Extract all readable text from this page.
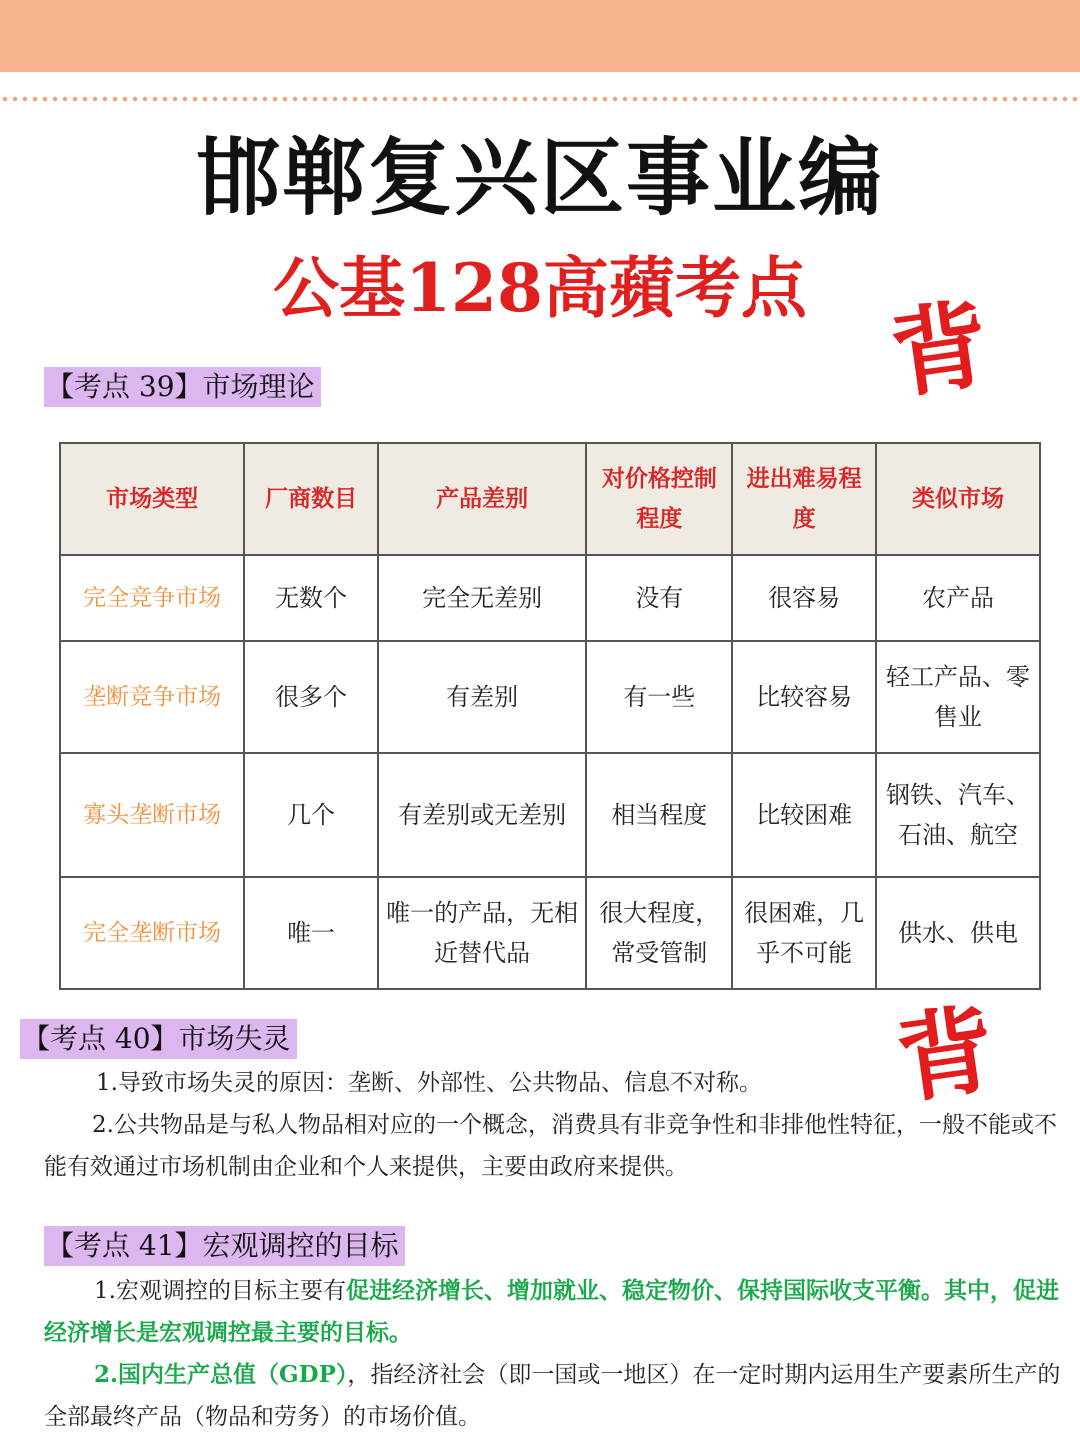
邯郸复兴区事业编
公基128高蘋考点 背
【考点 39】市场理论
市场类型	厂商数目	产品差别	对价格控制程度	进出难易程度	类似市场
完全竞争市场	无数个	完全无差别	没有	很容易	农产品
垄断竞争市场	很多个	有差别	有一些	比较容易	轻工产品、零售业
寡头垄断市场	几个	有差别或无差别	相当程度	比较困难	钢铁、汽车、石油、航空
完全垄断市场	唯一	唯一的产品，无相近替代品	很大程度，常受管制	很困难，几乎不可能	供水、供电
【考点 40】市场失灵	背
1.导致市场失灵的原因：垄断、外部性、公共物品、信息不对称。
2.公共物品是与私人物品相对应的一个概念，消费具有非竞争性和非排他性特征，一般不能或不能有效通过市场机制由企业和个人来提供，主要由政府来提供。
【考点 41】宏观调控的目标
1.宏观调控的目标主要有促进经济增长、增加就业、稳定物价、保持国际收支平衡。其中，促进经济增长是宏观调控最主要的目标。
2.国内生产总值（GDP），指经济社会（即一国或一地区）在一定时期内运用生产要素所生产的全部最终产品（物品和劳务）的市场价值。
